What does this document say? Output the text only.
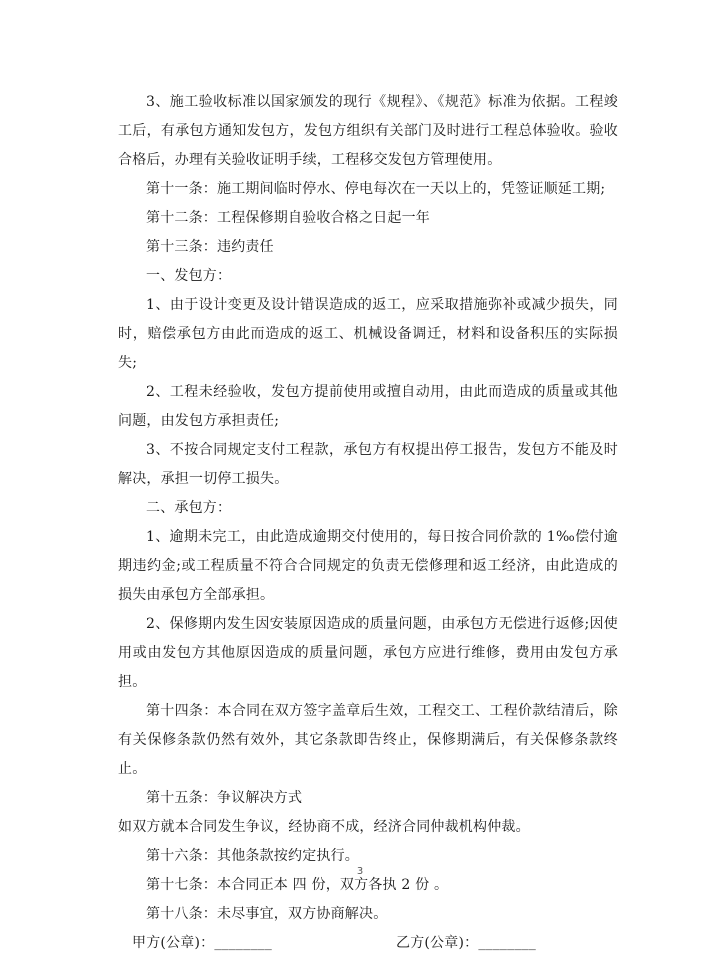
3、施工验收标准以国家颁发的现行《规程》、《规范》标准为依据。工程竣工后，有承包方通知发包方，发包方组织有关部门及时进行工程总体验收。验收合格后，办理有关验收证明手续，工程移交发包方管理使用。

第十一条：施工期间临时停水、停电每次在一天以上的，凭签证顺延工期;

第十二条：工程保修期自验收合格之日起一年

第十三条：违约责任

一、发包方：

1、由于设计变更及设计错误造成的返工，应采取措施弥补或减少损失，同时，赔偿承包方由此而造成的返工、机械设备调迁，材料和设备积压的实际损失;

2、工程未经验收，发包方提前使用或擅自动用，由此而造成的质量或其他问题，由发包方承担责任;

3、不按合同规定支付工程款，承包方有权提出停工报告，发包方不能及时解决，承担一切停工损失。

二、承包方：

1、逾期未完工，由此造成逾期交付使用的，每日按合同价款的 1‰偿付逾期违约金;或工程质量不符合合同规定的负责无偿修理和返工经济，由此造成的损失由承包方全部承担。

2、保修期内发生因安装原因造成的质量问题，由承包方无偿进行返修;因使用或由发包方其他原因造成的质量问题，承包方应进行维修，费用由发包方承担。

第十四条：本合同在双方签字盖章后生效，工程交工、工程价款结清后，除有关保修条款仍然有效外，其它条款即告终止，保修期满后，有关保修条款终止。

第十五条：争议解决方式

如双方就本合同发生争议，经协商不成，经济合同仲裁机构仲裁。

第十六条：其他条款按约定执行。

第十七条：本合同正本 四 份，双方各执 2 份 。

第十八条：未尽事宜，双方协商解决。

甲方(公章)：________	乙方(公章)：________
3
